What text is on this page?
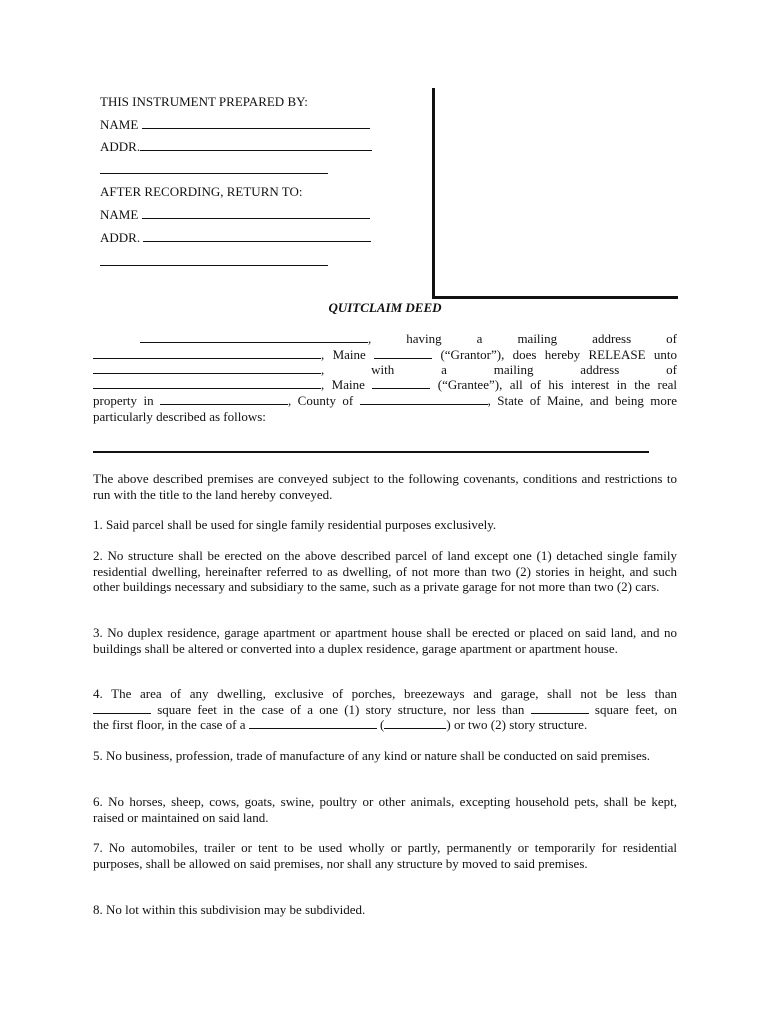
THIS INSTRUMENT PREPARED BY:
NAME
ADDR.
AFTER RECORDING, RETURN TO:
NAME
ADDR.
QUITCLAIM DEED
, having a mailing address of
, Maine	(“Grantor”), does hereby RELEASE unto
, with a mailing address of
, Maine	(“Grantee”), all of his interest in the real
property in	, County of	, State of Maine, and being more
particularly described as follows:
The above described premises are conveyed subject to the following covenants, conditions and restrictions to run with the title to the land hereby conveyed.
1. Said parcel shall be used for single family residential purposes exclusively.
2. No structure shall be erected on the above described parcel of land except one (1) detached single family residential dwelling, hereinafter referred to as dwelling, of not more than two (2) stories in height, and such other buildings necessary and subsidiary to the same, such as a private garage for not more than two (2) cars.
3. No duplex residence, garage apartment or apartment house shall be erected or placed on said land, and no buildings shall be altered or converted into a duplex residence, garage apartment or apartment house.
4. The area of any dwelling, exclusive of porches, breezeways and garage, shall not be less than
square feet in the case of a one (1) story structure, nor less than	square feet, on
the first floor, in the case of a	(	) or two (2) story structure.
5. No business, profession, trade of manufacture of any kind or nature shall be conducted on said premises.
6. No horses, sheep, cows, goats, swine, poultry or other animals, excepting household pets, shall be kept, raised or maintained on said land.
7. No automobiles, trailer or tent to be used wholly or partly, permanently or temporarily for residential purposes, shall be allowed on said premises, nor shall any structure by moved to said premises.
8. No lot within this subdivision may be subdivided.
